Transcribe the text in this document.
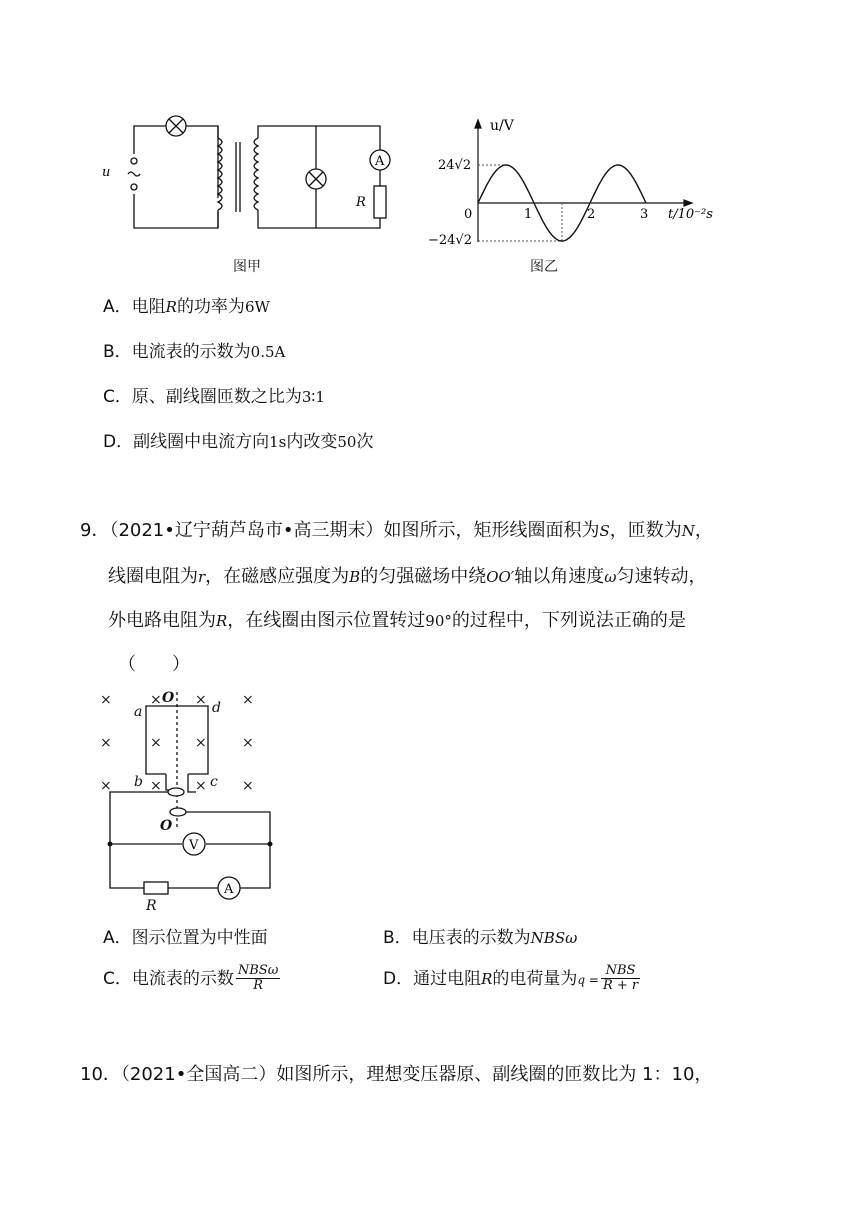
u
A
R
图甲
u/V
24√2
−24√2
0	1	2	3 t/10⁻²s
图乙
A．电阻R的功率为6W
B．电流表的示数为0.5A
C．原、副线圈匝数之比为3∶1
D．副线圈中电流方向1s内改变50次
9．（2021•辽宁葫芦岛市•高三期末）如图所示，矩形线圈面积为S，匝数为N，
线圈电阻为r，在磁感应强度为B的匀强磁场中绕OO′轴以角速度ω匀速转动，
外电路电阻为R，在线圈由图示位置转过90°的过程中，下列说法正确的是
（　　）
×	× ×	×
×	× ×	×
×	× ×	×
a	d
b	c
O
O
R
V
A
A．图示位置为中性面	B．电压表的示数为NBSω
C．电流表的示数 $\frac{\text{NBSω}}{R}$	D．通过电阻R的电荷量为$q = \frac{\text{NBS}}{R + r}$
10．（2021•全国高二）如图所示，理想变压器原、副线圈的匝数比为 1：10，
